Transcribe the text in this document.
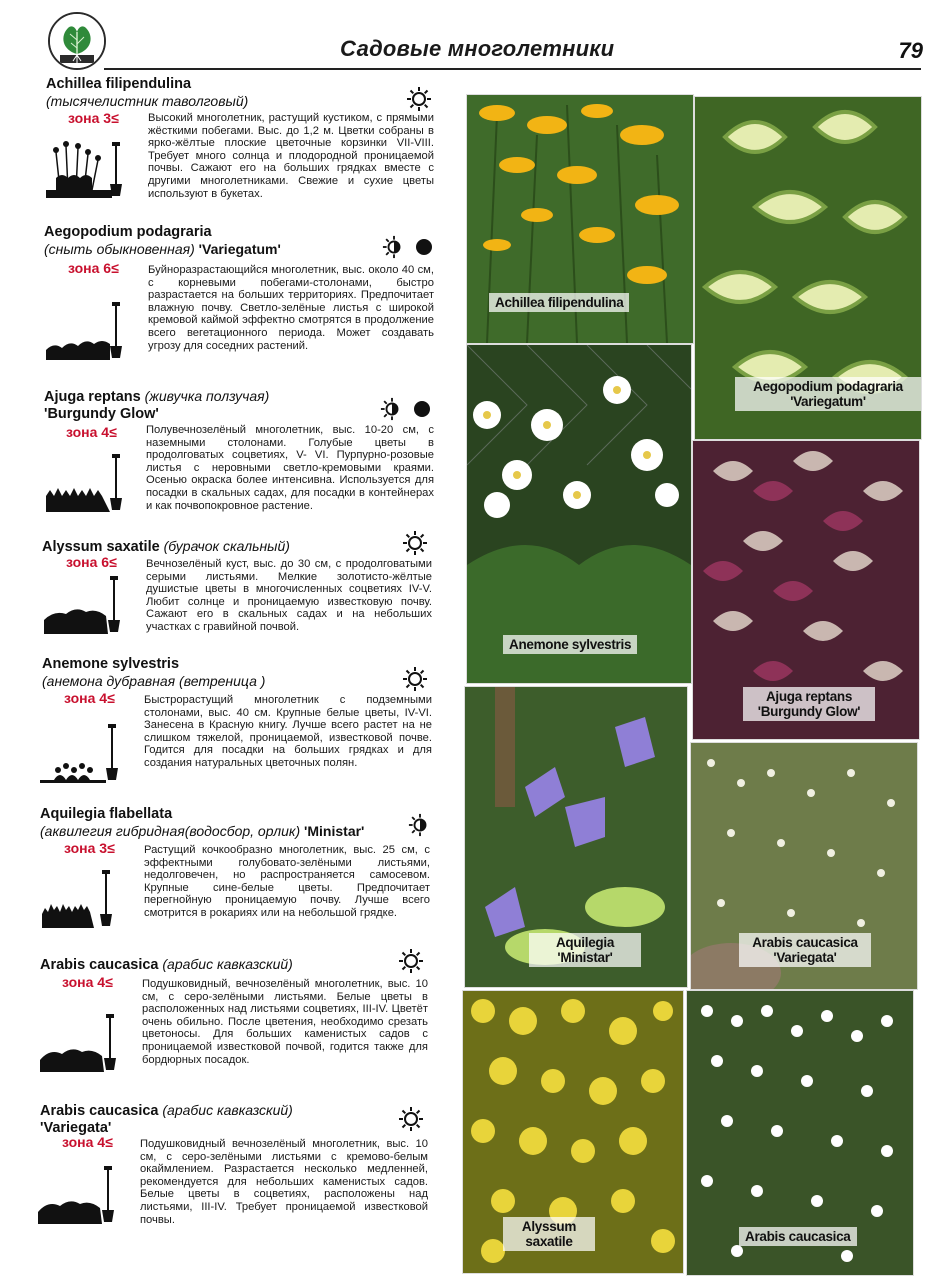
Садовые многолетники	79
Achillea filipendulina
(тысячелистник таволговый)
зона 3≤	Высокий многолетник, растущий кустиком, с прямыми жёсткими побегами. Выс. до 1,2 м. Цветки собраны в ярко-жёлтые плоские цветочные корзинки VII-VIII. Требует много солнца и плодородной проницаемой почвы. Сажают его на больших грядках вместе с другими многолетниками. Свежие и сухие цветы используют в букетах.
Aegopodium podagraria
(сныть обыкновенная) 'Variegatum'
зона 6≤	Буйноразрастающийся многолетник, выс. около 40 см, с корневыми побегами-столонами, быстро разрастается на больших территориях. Предпочитает влажную почву. Светло-зелёные листья с широкой кремовой каймой эффектно смотрятся в продолжение всего вегетационного периода. Может создавать угрозу для соседних растений.
Ajuga reptans (живучка ползучая)
'Burgundy Glow'
зона 4≤	Полувечнозелёный многолетник, выс. 10-20 см, с наземными столонами. Голубые цветы в продолговатых соцветиях, V- VI. Пурпурно-розовые листья с неровными светло-кремовыми краями. Осенью окраска более интенсивна. Используется для посадки в скальных садах, для посадки в контейнерах и как почвопокровное растение.
Alyssum saxatile (бурачок скальный)
зона 6≤	Вечнозелёный куст, выс. до 30 см, с продолговатыми серыми листьями. Мелкие золотисто-жёлтые душистые цветы в многочисленных соцветиях IV-V. Любит солнце и проницаемую известковую почву. Сажают его в скальных садах и на небольших участках с гравийной почвой.
Anemone sylvestris
(анемона дубравная (ветреница )
зона 4≤	Быстрорастущий многолетник с подземными столонами, выс. 40 см. Крупные белые цветы, IV-VI. Занесена в Красную книгу. Лучше всего растет на не слишком тяжелой, проницаемой, известковой почве. Годится для посадки на больших грядках и для создания натуральных цветочных полян.
Aquilegia flabellata
(аквилегия гибридная(водосбор, орлик) 'Ministar'
зона 3≤	Растущий кочкообразно многолетник, выс. 25 см, с эффектными голубовато-зелёными листьями, недолговечен, но распространяется самосевом. Крупные сине-белые цветы. Предпочитает перегнойную проницаемую почву. Лучше всего смотрится в рокариях или на небольшой грядке.
Arabis caucasica (арабис кавказский)
зона 4≤	Подушковидный, вечнозелёный многолетник, выс. 10 см, с серо-зелёными листьями. Белые цветы в расположенных над листьями соцветиях, III-IV. Цветёт очень обильно. После цветения, необходимо срезать цветоносы. Для больших каменистых садов с проницаемой известковой почвой, годится также для бордюрных посадок.
Arabis caucasica (арабис кавказский)
'Variegata'
зона 4≤ Подушковидный вечнозелёный многолетник, выс. 10 см, с серо-зелёными листьями с кремово-белым окаймлением. Разрастается несколько медленней, рекомендуется для небольших каменистых садов. Белые цветы в соцветиях, расположены над листьями, III-IV. Требует проницаемой известковой почвы.
Achillea filipendulina
Aegopodium podagraria 'Variegatum'
Anemone sylvestris
Ajuga reptans 'Burgundy Glow'
Aquilegia 'Ministar'
Arabis caucasica 'Variegata'
Alyssum saxatile	Arabis caucasica
